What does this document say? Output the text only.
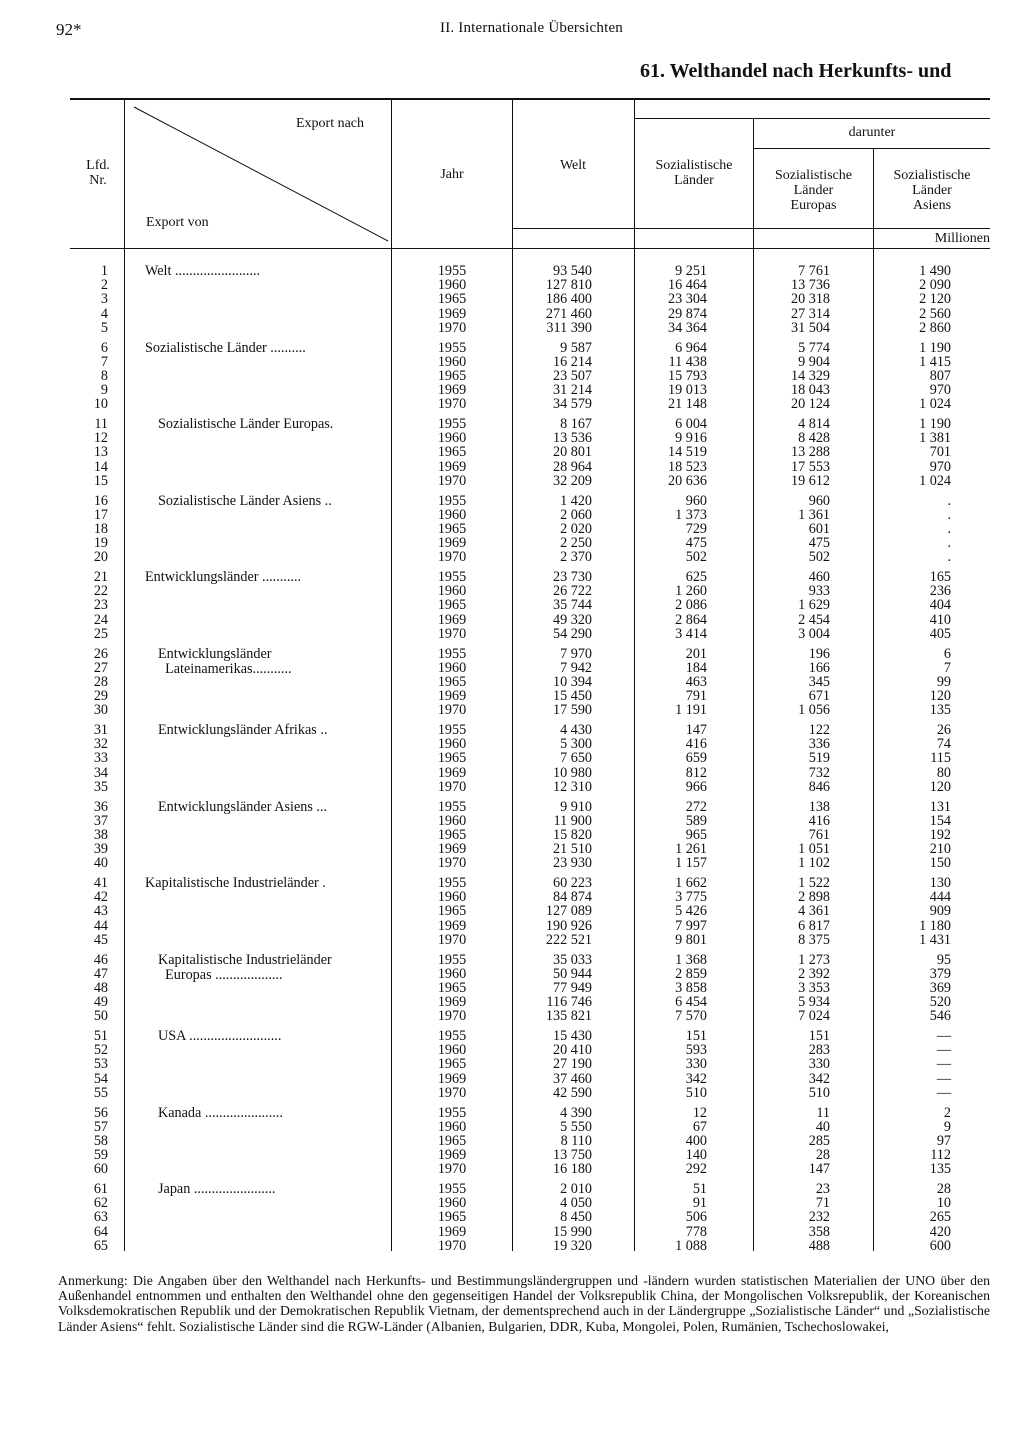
92*	II. Internationale Übersichten
61. Welthandel nach Herkunfts- und
Lfd.
Nr.
Export nach
Export von
Jahr
Welt	Sozialistische
Länder
darunter
Sozialistische
Länder
Europas
Sozialistische
Länder
Asiens
Millionen
Welt ........................
1	1955	93 540	9 251	7 761	1 490
2	1960	127 810	16 464	13 736	2 090
3	1965	186 400	23 304	20 318	2 120
4	1969	271 460	29 874	27 314	2 560
5	1970	311 390	34 364	31 504	2 860
Sozialistische Länder ..........
6	1955	9 587	6 964	5 774	1 190
7	1960	16 214	11 438	9 904	1 415
8	1965	23 507	15 793	14 329	807
9	1969	31 214	19 013	18 043	970
10	1970	34 579	21 148	20 124	1 024
Sozialistische Länder Europas.
11	1955	8 167	6 004	4 814	1 190
12	1960	13 536	9 916	8 428	1 381
13	1965	20 801	14 519	13 288	701
14	1969	28 964	18 523	17 553	970
15	1970	32 209	20 636	19 612	1 024
Sozialistische Länder Asiens ..
16	1955	1 420	960	960	.
17	1960	2 060	1 373	1 361	.
18	1965	2 020	729	601	.
19	1969	2 250	475	475	.
20	1970	2 370	502	502	.
Entwicklungsländer ...........
21	1955	23 730	625	460	165
22	1960	26 722	1 260	933	236
23	1965	35 744	2 086	1 629	404
24	1969	49 320	2 864	2 454	410
25	1970	54 290	3 414	3 004	405
Entwicklungsländer
Lateinamerikas...........
26	1955	7 970	201	196	6
27	1960	7 942	184	166	7
28	1965	10 394	463	345	99
29	1969	15 450	791	671	120
30	1970	17 590	1 191	1 056	135
Entwicklungsländer Afrikas ..
31	1955	4 430	147	122	26
32	1960	5 300	416	336	74
33	1965	7 650	659	519	115
34	1969	10 980	812	732	80
35	1970	12 310	966	846	120
Entwicklungsländer Asiens ...
36	1955	9 910	272	138	131
37	1960	11 900	589	416	154
38	1965	15 820	965	761	192
39	1969	21 510	1 261	1 051	210
40	1970	23 930	1 157	1 102	150
Kapitalistische Industrieländer .
41	1955	60 223	1 662	1 522	130
42	1960	84 874	3 775	2 898	444
43	1965	127 089	5 426	4 361	909
44	1969	190 926	7 997	6 817	1 180
45	1970	222 521	9 801	8 375	1 431
Kapitalistische Industrieländer
Europas ...................
46	1955	35 033	1 368	1 273	95
47	1960	50 944	2 859	2 392	379
48	1965	77 949	3 858	3 353	369
49	1969	116 746	6 454	5 934	520
50	1970	135 821	7 570	7 024	546
USA ..........................
51	1955	15 430	151	151	—
52	1960	20 410	593	283	—
53	1965	27 190	330	330	—
54	1969	37 460	342	342	—
55	1970	42 590	510	510	—
Kanada ......................
56	1955	4 390	12	11	2
57	1960	5 550	67	40	9
58	1965	8 110	400	285	97
59	1969	13 750	140	28	112
60	1970	16 180	292	147	135
Japan .......................
61	1955	2 010	51	23	28
62	1960	4 050	91	71	10
63	1965	8 450	506	232	265
64	1969	15 990	778	358	420
65	1970	19 320	1 088	488	600
Anmerkung: Die Angaben über den Welthandel nach Herkunfts- und Bestimmungsländergruppen und -ländern wurden statistischen Materialien der UNO über den Außenhandel entnommen und enthalten den Welthandel ohne den gegenseitigen Handel der Volksrepublik China, der Mongolischen Volksrepublik, der Koreanischen Volksdemokratischen Republik und der Demokratischen Republik Vietnam, der dementsprechend auch in der Ländergruppe „Sozialistische Länder“ und „Sozialistische Länder Asiens“ fehlt. Sozialistische Länder sind die RGW-Länder (Albanien, Bulgarien, DDR, Kuba, Mongolei, Polen, Rumänien, Tschechoslowakei,
